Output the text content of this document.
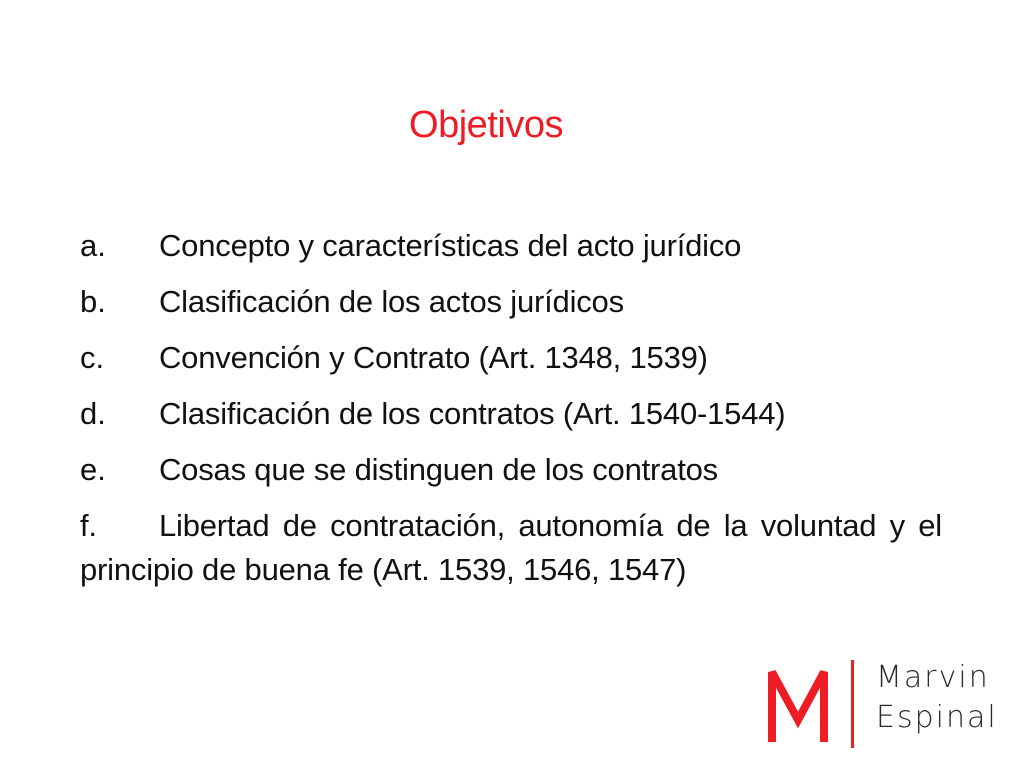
Objetivos
a.	Concepto y características del acto jurídico
b.	Clasificación de los actos jurídicos
c.	Convención y Contrato (Art. 1348, 1539)
d.	Clasificación de los contratos (Art. 1540-1544)
e.	Cosas que se distinguen de los contratos
f. Libertad de contratación, autonomía de la voluntad y el principio de buena fe (Art. 1539, 1546, 1547)
Marvin
Espinal
